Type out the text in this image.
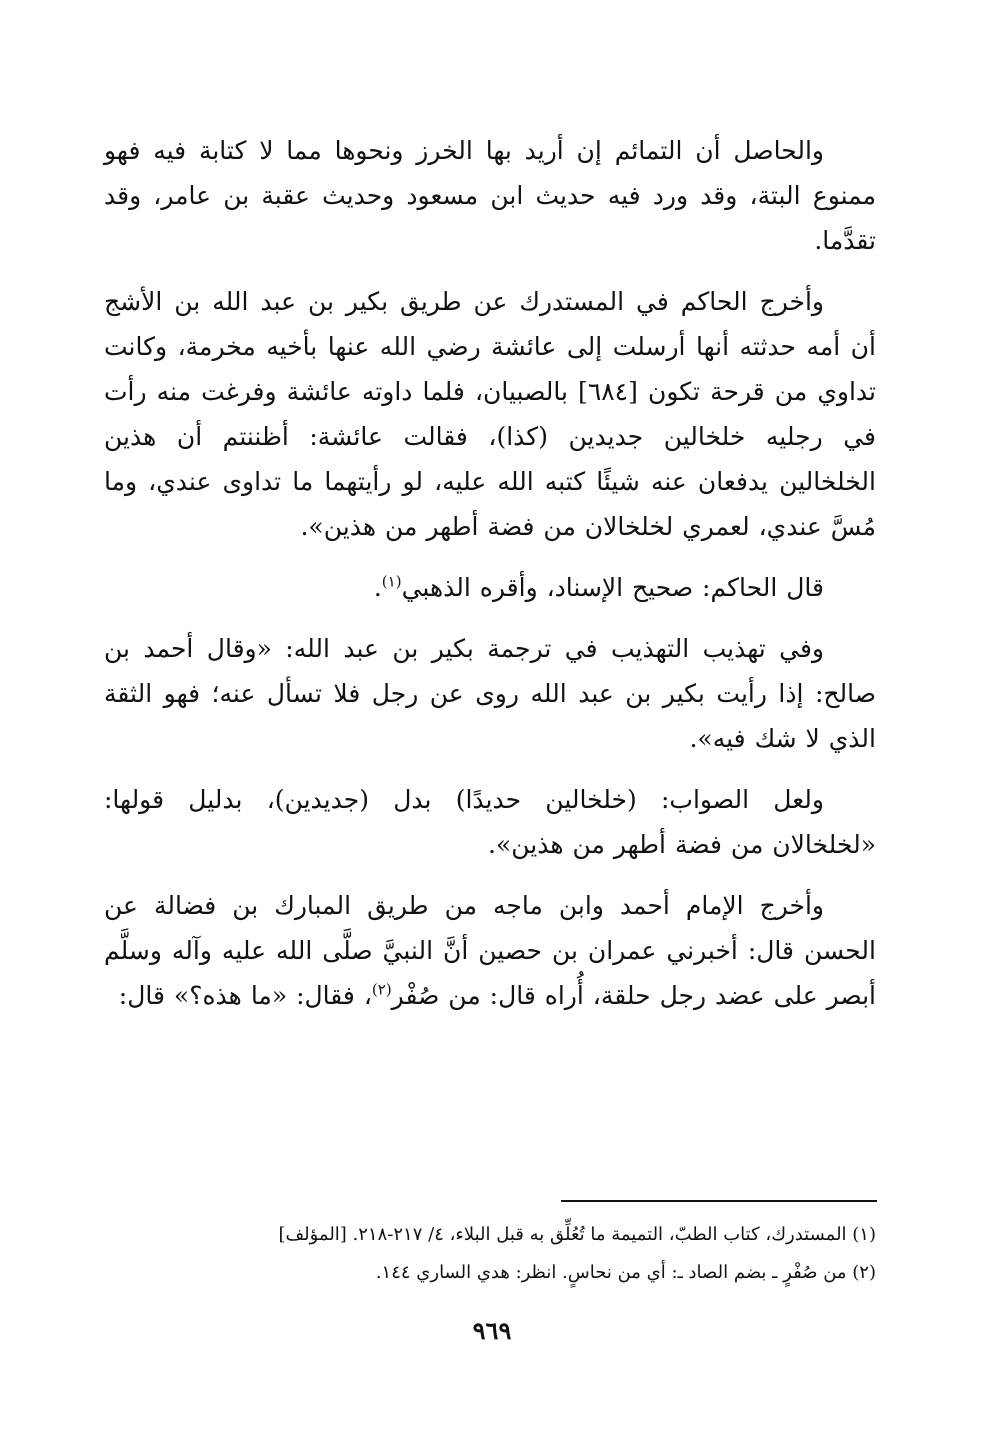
والحاصل أن التمائم إن أريد بها الخرز ونحوها مما لا كتابة فيه فهو ممنوع البتة، وقد ورد فيه حديث ابن مسعود وحديث عقبة بن عامر، وقد تقدَّما.

وأخرج الحاكم في المستدرك عن طريق بكير بن عبد الله بن الأشج أن أمه حدثته أنها أرسلت إلى عائشة رضي الله عنها بأخيه مخرمة، وكانت تداوي من قرحة تكون [٦٨٤] بالصبيان، فلما داوته عائشة وفرغت منه رأت في رجليه خلخالين جديدين (كذا)، فقالت عائشة: أظننتم أن هذين الخلخالين يدفعان عنه شيئًا كتبه الله عليه، لو رأيتهما ما تداوى عندي، وما مُسَّ عندي، لعمري لخلخالان من فضة أطهر من هذين».

قال الحاكم: صحيح الإسناد، وأقره الذهبي$^{(١)}$.

وفي تهذيب التهذيب في ترجمة بكير بن عبد الله: «وقال أحمد بن صالح: إذا رأيت بكير بن عبد الله روى عن رجل فلا تسأل عنه؛ فهو الثقة الذي لا شك فيه».

ولعل الصواب: (خلخالين حديدًا) بدل (جديدين)، بدليل قولها: «لخلخالان من فضة أطهر من هذين».

وأخرج الإمام أحمد وابن ماجه من طريق المبارك بن فضالة عن الحسن قال: أخبرني عمران بن حصين أنَّ النبيَّ صلَّى الله عليه وآله وسلَّم أبصر على عضد رجل حلقة، أُراه قال: من صُفْر$^{(٢)}$، فقال: «ما هذه؟» قال:

(١) المستدرك، كتاب الطبّ، التميمة ما تُعُلِّق به قبل البلاء، ٤/ ٢١٧-٢١٨. [المؤلف]

(٢) من صُفْرٍ ـ بضم الصاد ـ: أي من نحاسٍ. انظر: هدي الساري ١٤٤.

٩٦٩
